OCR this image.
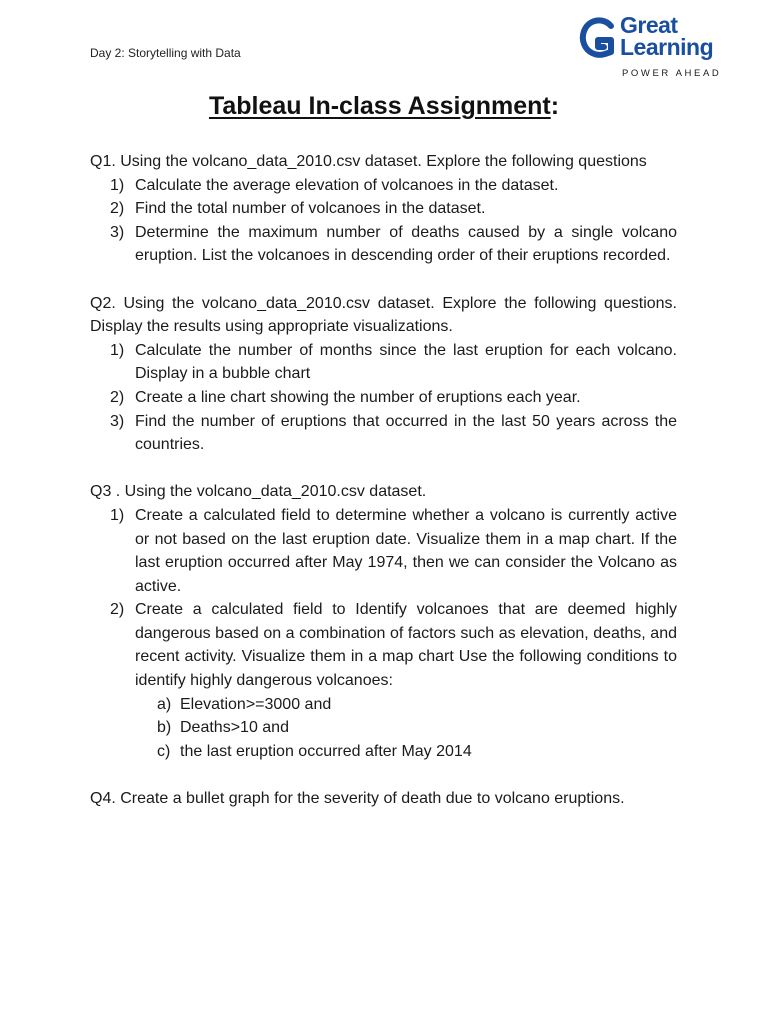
Day 2: Storytelling with Data
Great
Learning
POWER AHEAD
Tableau In-class Assignment:

Q1. Using the volcano_data_2010.csv dataset. Explore the following questions

1) Calculate the average elevation of volcanoes in the dataset.
2) Find the total number of volcanoes in the dataset.
3) Determine the maximum number of deaths caused by a single volcano eruption. List the volcanoes in descending order of their eruptions recorded.

Q2. Using the volcano_data_2010.csv dataset. Explore the following questions. Display the results using appropriate visualizations.

1) Calculate the number of months since the last eruption for each volcano. Display in a bubble chart
2) Create a line chart showing the number of eruptions each year.
3) Find the number of eruptions that occurred in the last 50 years across the countries.

Q3 . Using the volcano_data_2010.csv dataset.

1) Create a calculated field to determine whether a volcano is currently active or not based on the last eruption date. Visualize them in a map chart. If the last eruption occurred after May 1974, then we can consider the Volcano as active.
2) Create a calculated field to Identify volcanoes that are deemed highly dangerous based on a combination of factors such as elevation, deaths, and recent activity. Visualize them in a map chart Use the following conditions to identify highly dangerous volcanoes:
a) Elevation>=3000 and
b) Deaths>10 and
c) the last eruption occurred after May 2014

Q4. Create a bullet graph for the severity of death due to volcano eruptions.
